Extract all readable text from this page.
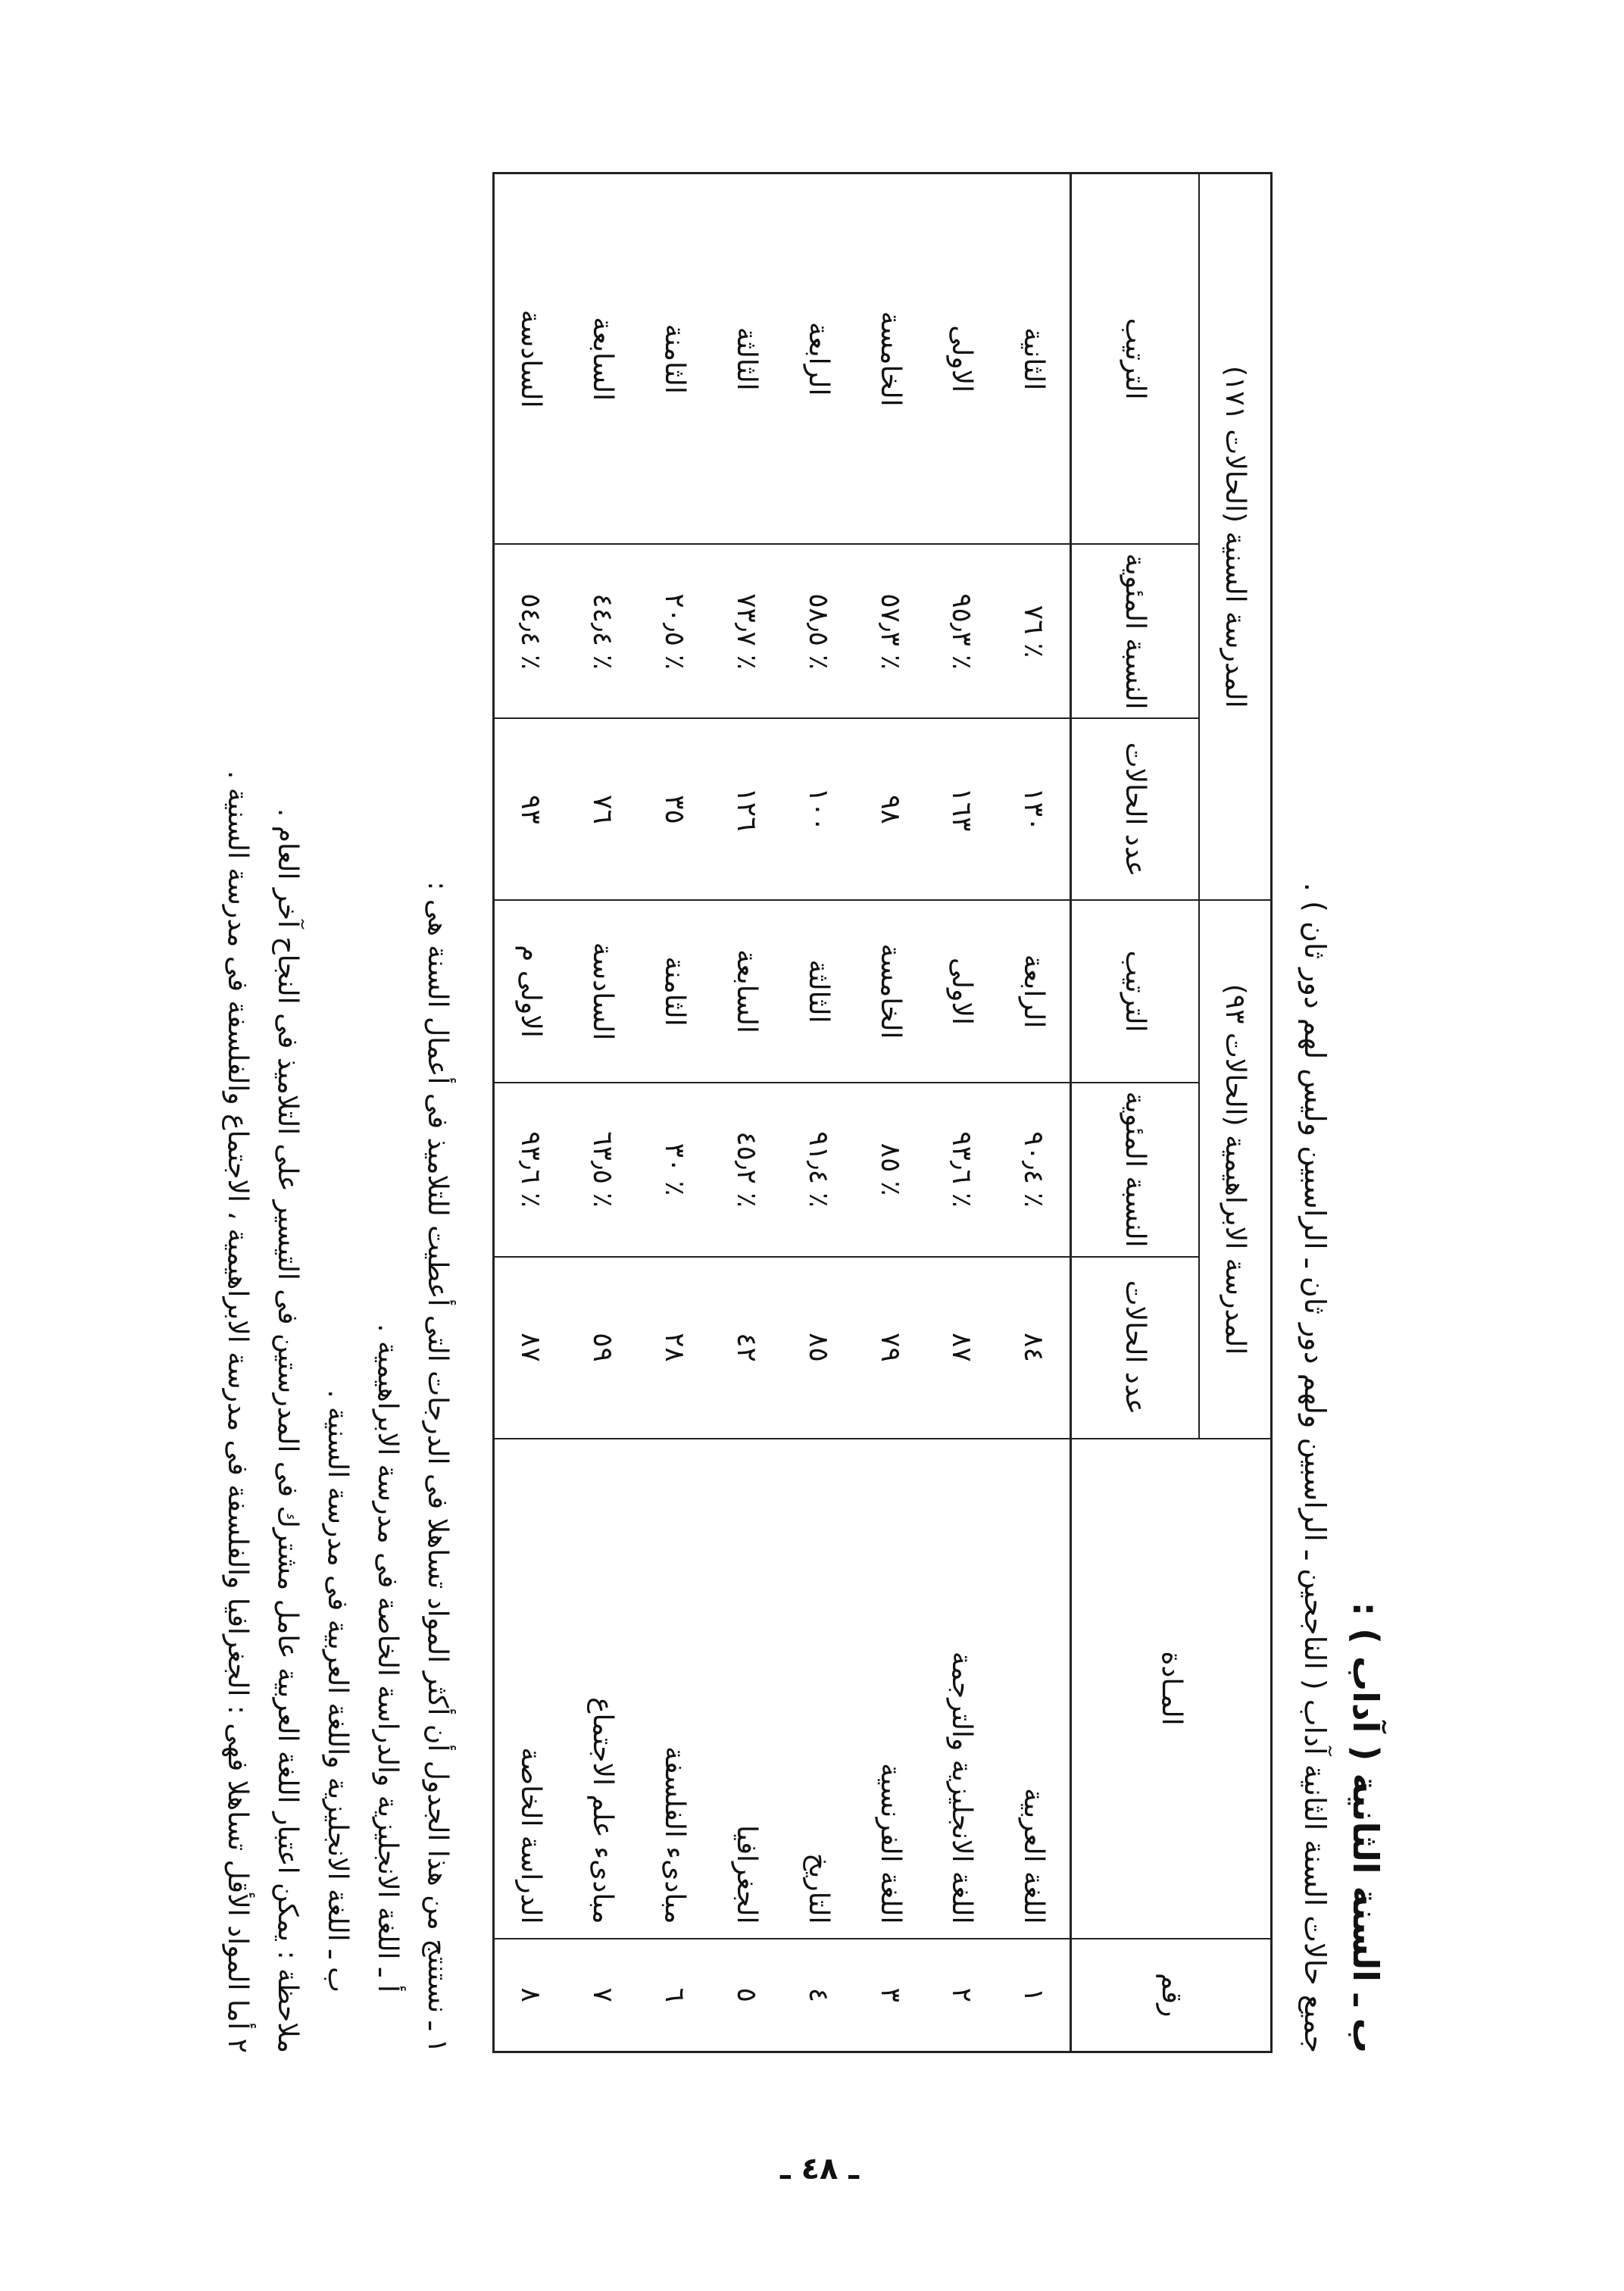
ب ـ السنة الثانية ( آداب ) :
جميع حالات السنة الثانية آداب ( الناجحين ـ الراسبين ولهم دور ثان ـ الراسبين وليس لهم دور ثان ) .
رقم	المـادة	المدرسة الابراهيمية (الحالات ٩٣)			المدرسة السنية (الحالات ١٧١)		
		عدد الحالات	النسبة المئوية	الترتيب	عدد الحالات	النسبة المئوية	الترتيب
١	اللغة العربية	٨٤	٪ ٩٠٫٤	الرابعة	١٣٠	٪ ٧٦	الثانية
٢	اللغة الانجليزية والترجمة	٨٧	٪ ٩٣٫٦	الاولى	١٦٣	٪ ٩٥٫٣	الاولى
٣	اللغة الفرنسية	٧٩	٪ ٨٥	الخامسة	٩٨	٪ ٥٧٫٣	الخامسة
٤	التاريخ	٨٥	٪ ٩١٫٤	الثالثة	١٠٠	٪ ٥٨٫٥	الرابعة
٥	الجغرافيا	٤٢	٪ ٤٥٫٢	السابعة	١٢٦	٪ ٧٣٫٧	الثالثة
٦	مبادىء الفلسفة	٢٨	٪ ٣٠	الثامنة	٣٥	٪ ٢٠٫٥	الثامنة
٧	مبادىء علم الاجتماع	٥٩	٪ ٦٣٫٥	السادسة	٧٦	٪ ٤٤٫٤	السابعة
٨	الدراسة الخاصة	٨٧	٪ ٩٣٫٦	الاولى م	٩٣	٪ ٥٤٫٤	السادسة
١ ـ نستنتج من هذا الجدول أن أكثر المواد تساهلا فى الدرجات التى أعطيت للتلاميذ فى أعمال السنة هى :
أ ـ اللغة الانجليزية والدراسة الخاصة فى مدرسة الابراهيمية .
ب ـ اللغة الانجليزية واللغة العربية فى مدرسة السنية .
ملاحظة : يمكن اعتبار اللغة العربية عامل مشترك فى المدرستين فى التيسير على التلاميذ فى النجاح آخر العام .
٢ أما المواد الأقل تساهلا فهى : الجغرافيا والفلسفة فى مدرسة الابراهيمية ، الاجتماع والفلسفة فى مدرسة السنية .
ـ ٤٨ ـ
